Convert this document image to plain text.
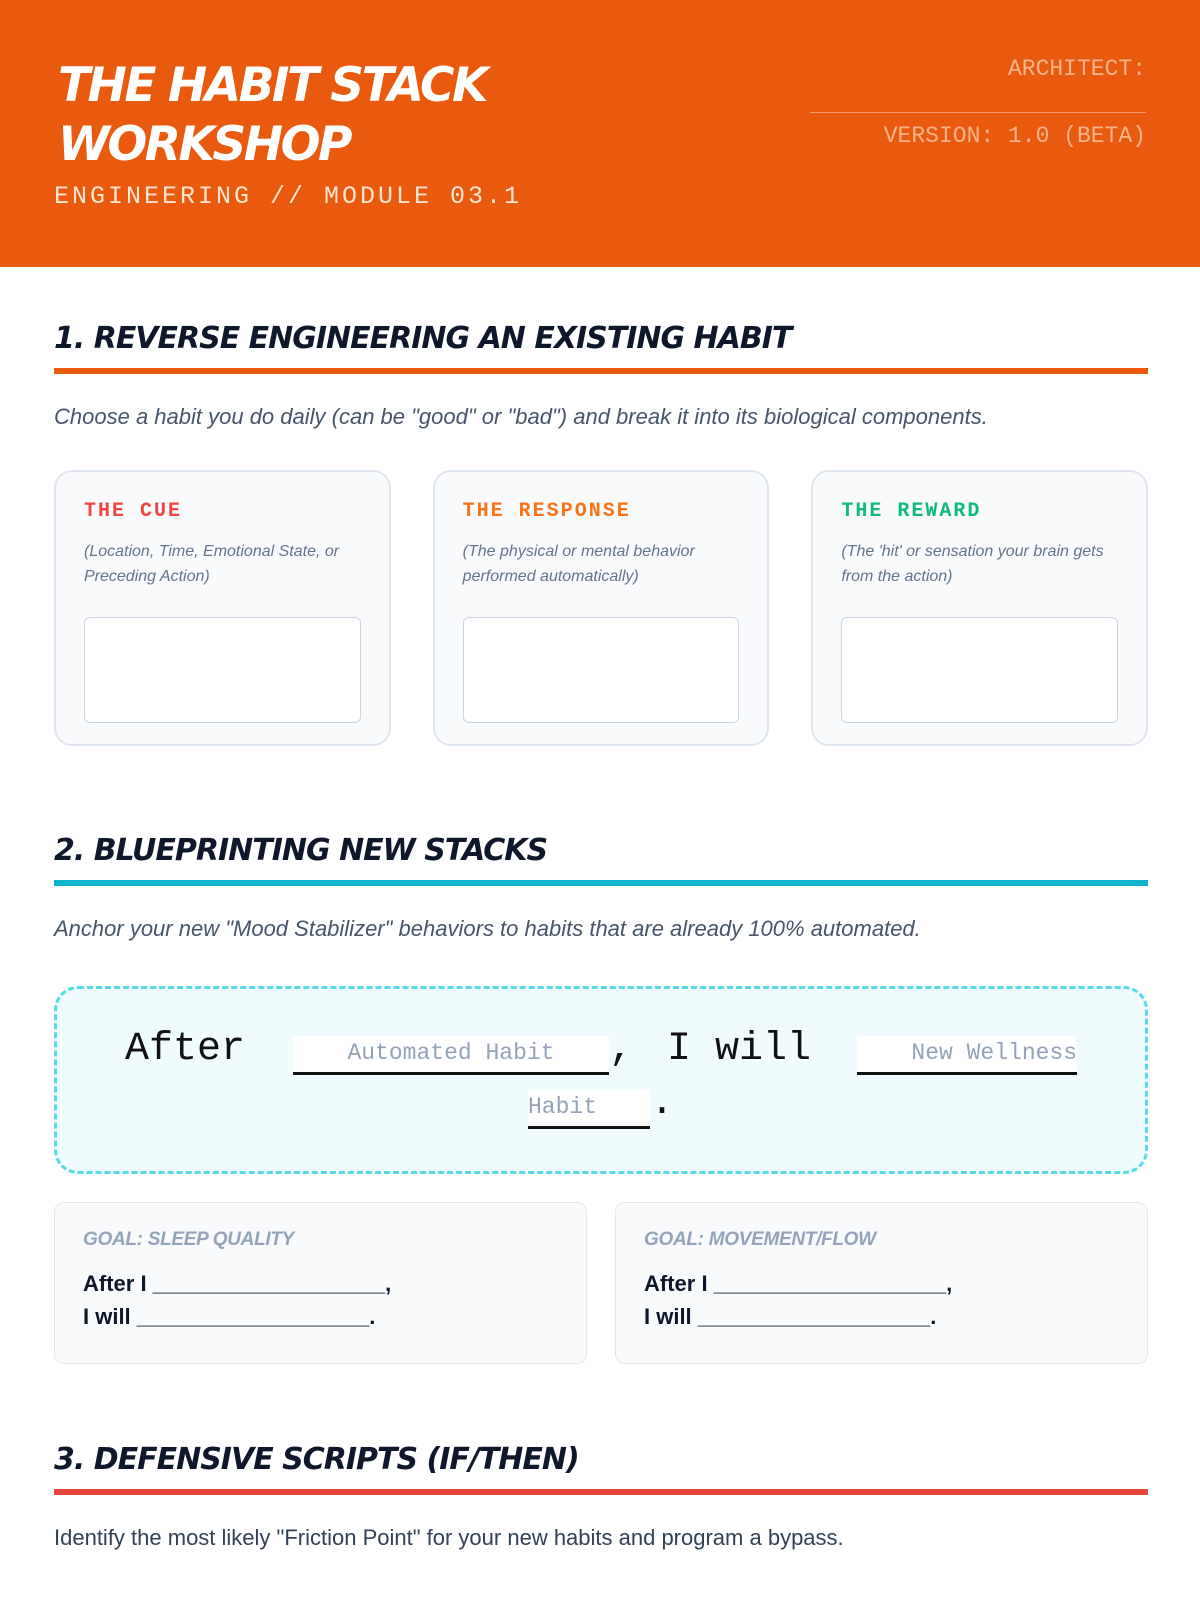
THE HABIT STACK WORKSHOP
ENGINEERING // MODULE 03.1
ARCHITECT:
VERSION: 1.0 (BETA)
1. REVERSE ENGINEERING AN EXISTING HABIT
Choose a habit you do daily (can be "good" or "bad") and break it into its biological components.
THE CUE
(Location, Time, Emotional State, or Preceding Action)
THE RESPONSE
(The physical or mental behavior performed automatically)
THE REWARD
(The 'hit' or sensation your brain gets from the action)
2. BLUEPRINTING NEW STACKS
Anchor your new "Mood Stabilizer" behaviors to habits that are already 100% automated.
After	Automated Habit , I will	New Wellness
Habit .
GOAL: SLEEP QUALITY
After I ___________________,
I will ___________________.
GOAL: MOVEMENT/FLOW
After I ___________________,
I will ___________________.
3. DEFENSIVE SCRIPTS (IF/THEN)
Identify the most likely "Friction Point" for your new habits and program a bypass.
